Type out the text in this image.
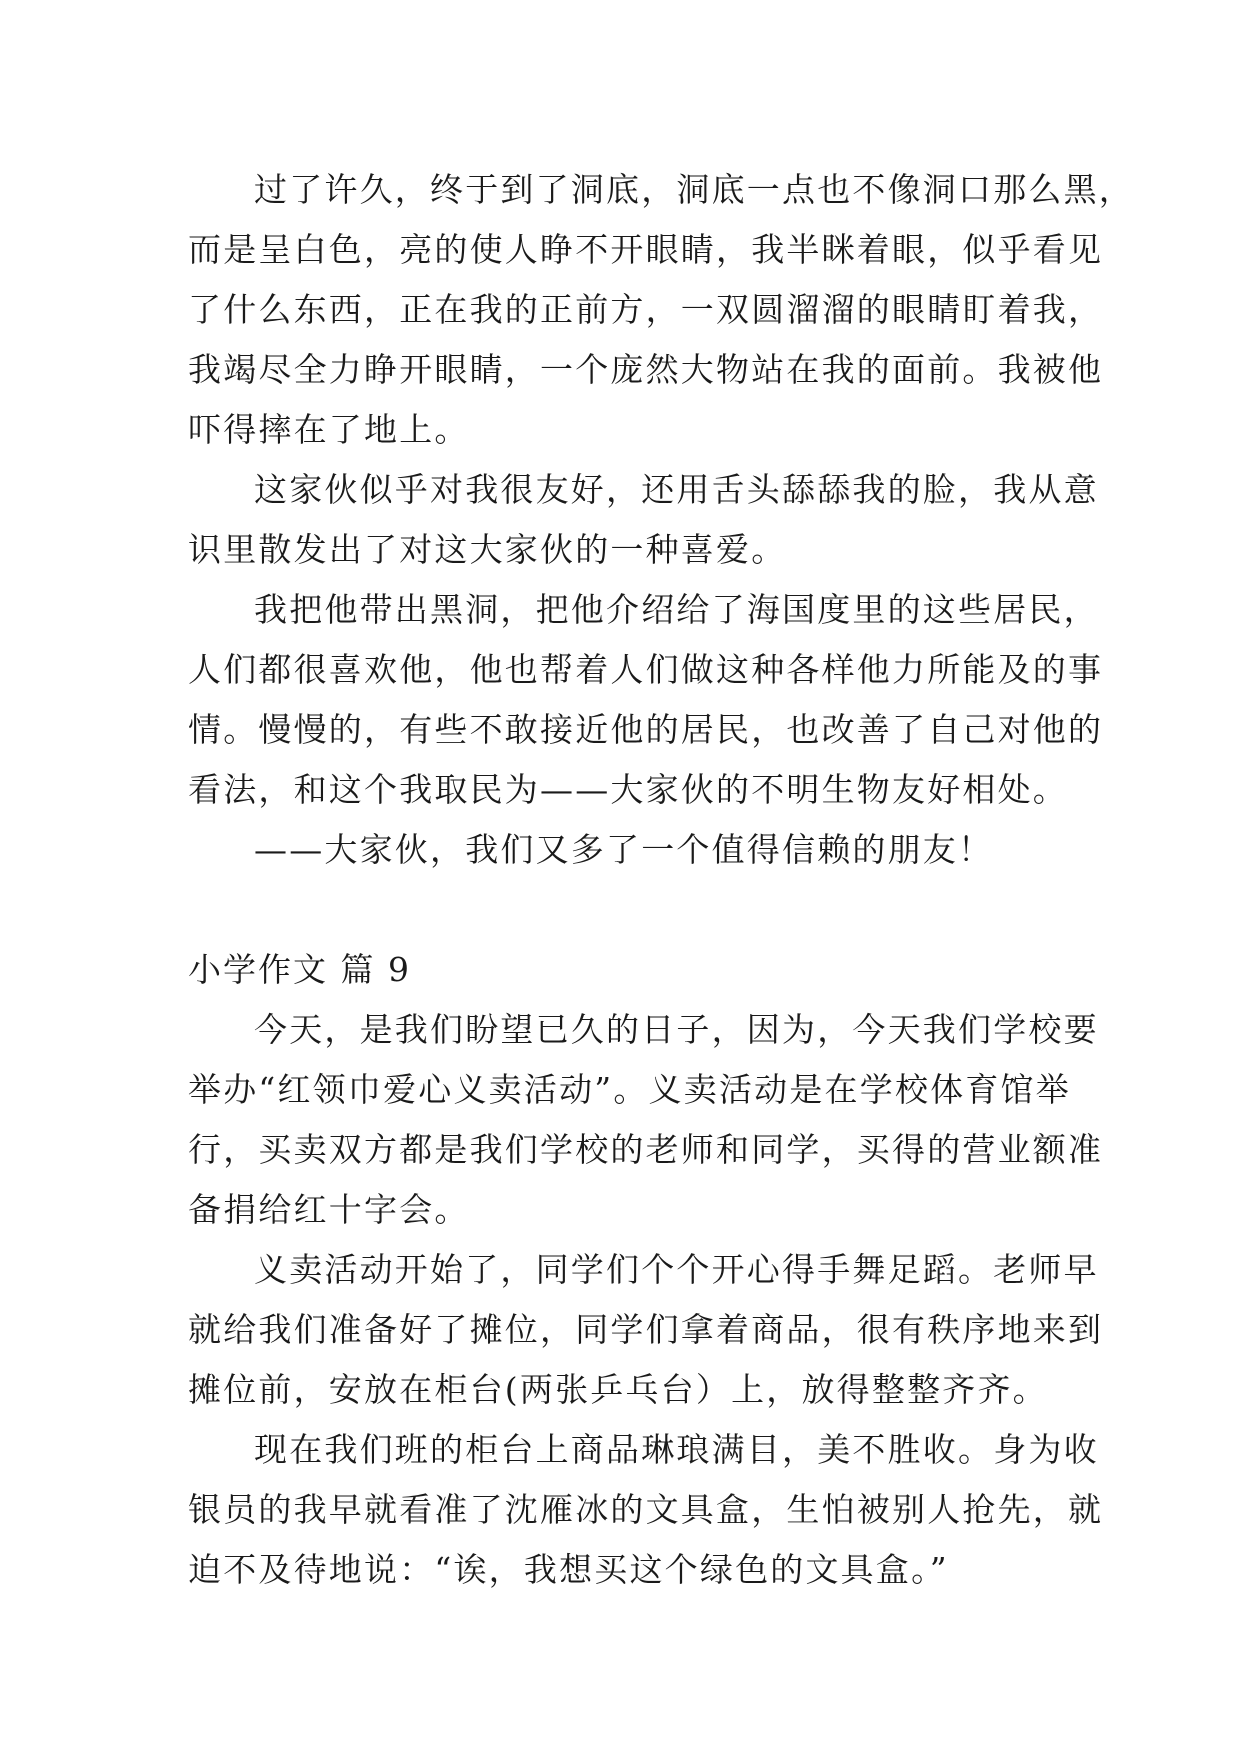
过了许久，终于到了洞底，洞底一点也不像洞口那么黑，
而是呈白色，亮的使人睁不开眼睛，我半眯着眼，似乎看见
了什么东西，正在我的正前方，一双圆溜溜的眼睛盯着我，
我竭尽全力睁开眼睛，一个庞然大物站在我的面前。我被他
吓得摔在了地上。

这家伙似乎对我很友好，还用舌头舔舔我的脸，我从意
识里散发出了对这大家伙的一种喜爱。

我把他带出黑洞，把他介绍给了海国度里的这些居民，
人们都很喜欢他，他也帮着人们做这种各样他力所能及的事
情。慢慢的，有些不敢接近他的居民，也改善了自己对他的
看法，和这个我取民为——大家伙的不明生物友好相处。

——大家伙，我们又多了一个值得信赖的朋友！

小学作文 篇 9

今天，是我们盼望已久的日子，因为，今天我们学校要
举办“红领巾爱心义卖活动”。义卖活动是在学校体育馆举
行，买卖双方都是我们学校的老师和同学，买得的营业额准
备捐给红十字会。

义卖活动开始了，同学们个个开心得手舞足蹈。老师早
就给我们准备好了摊位，同学们拿着商品，很有秩序地来到
摊位前，安放在柜台(两张乒乓台）上，放得整整齐齐。

现在我们班的柜台上商品琳琅满目，美不胜收。身为收
银员的我早就看准了沈雁冰的文具盒，生怕被别人抢先，就
迫不及待地说：“诶，我想买这个绿色的文具盒。”
